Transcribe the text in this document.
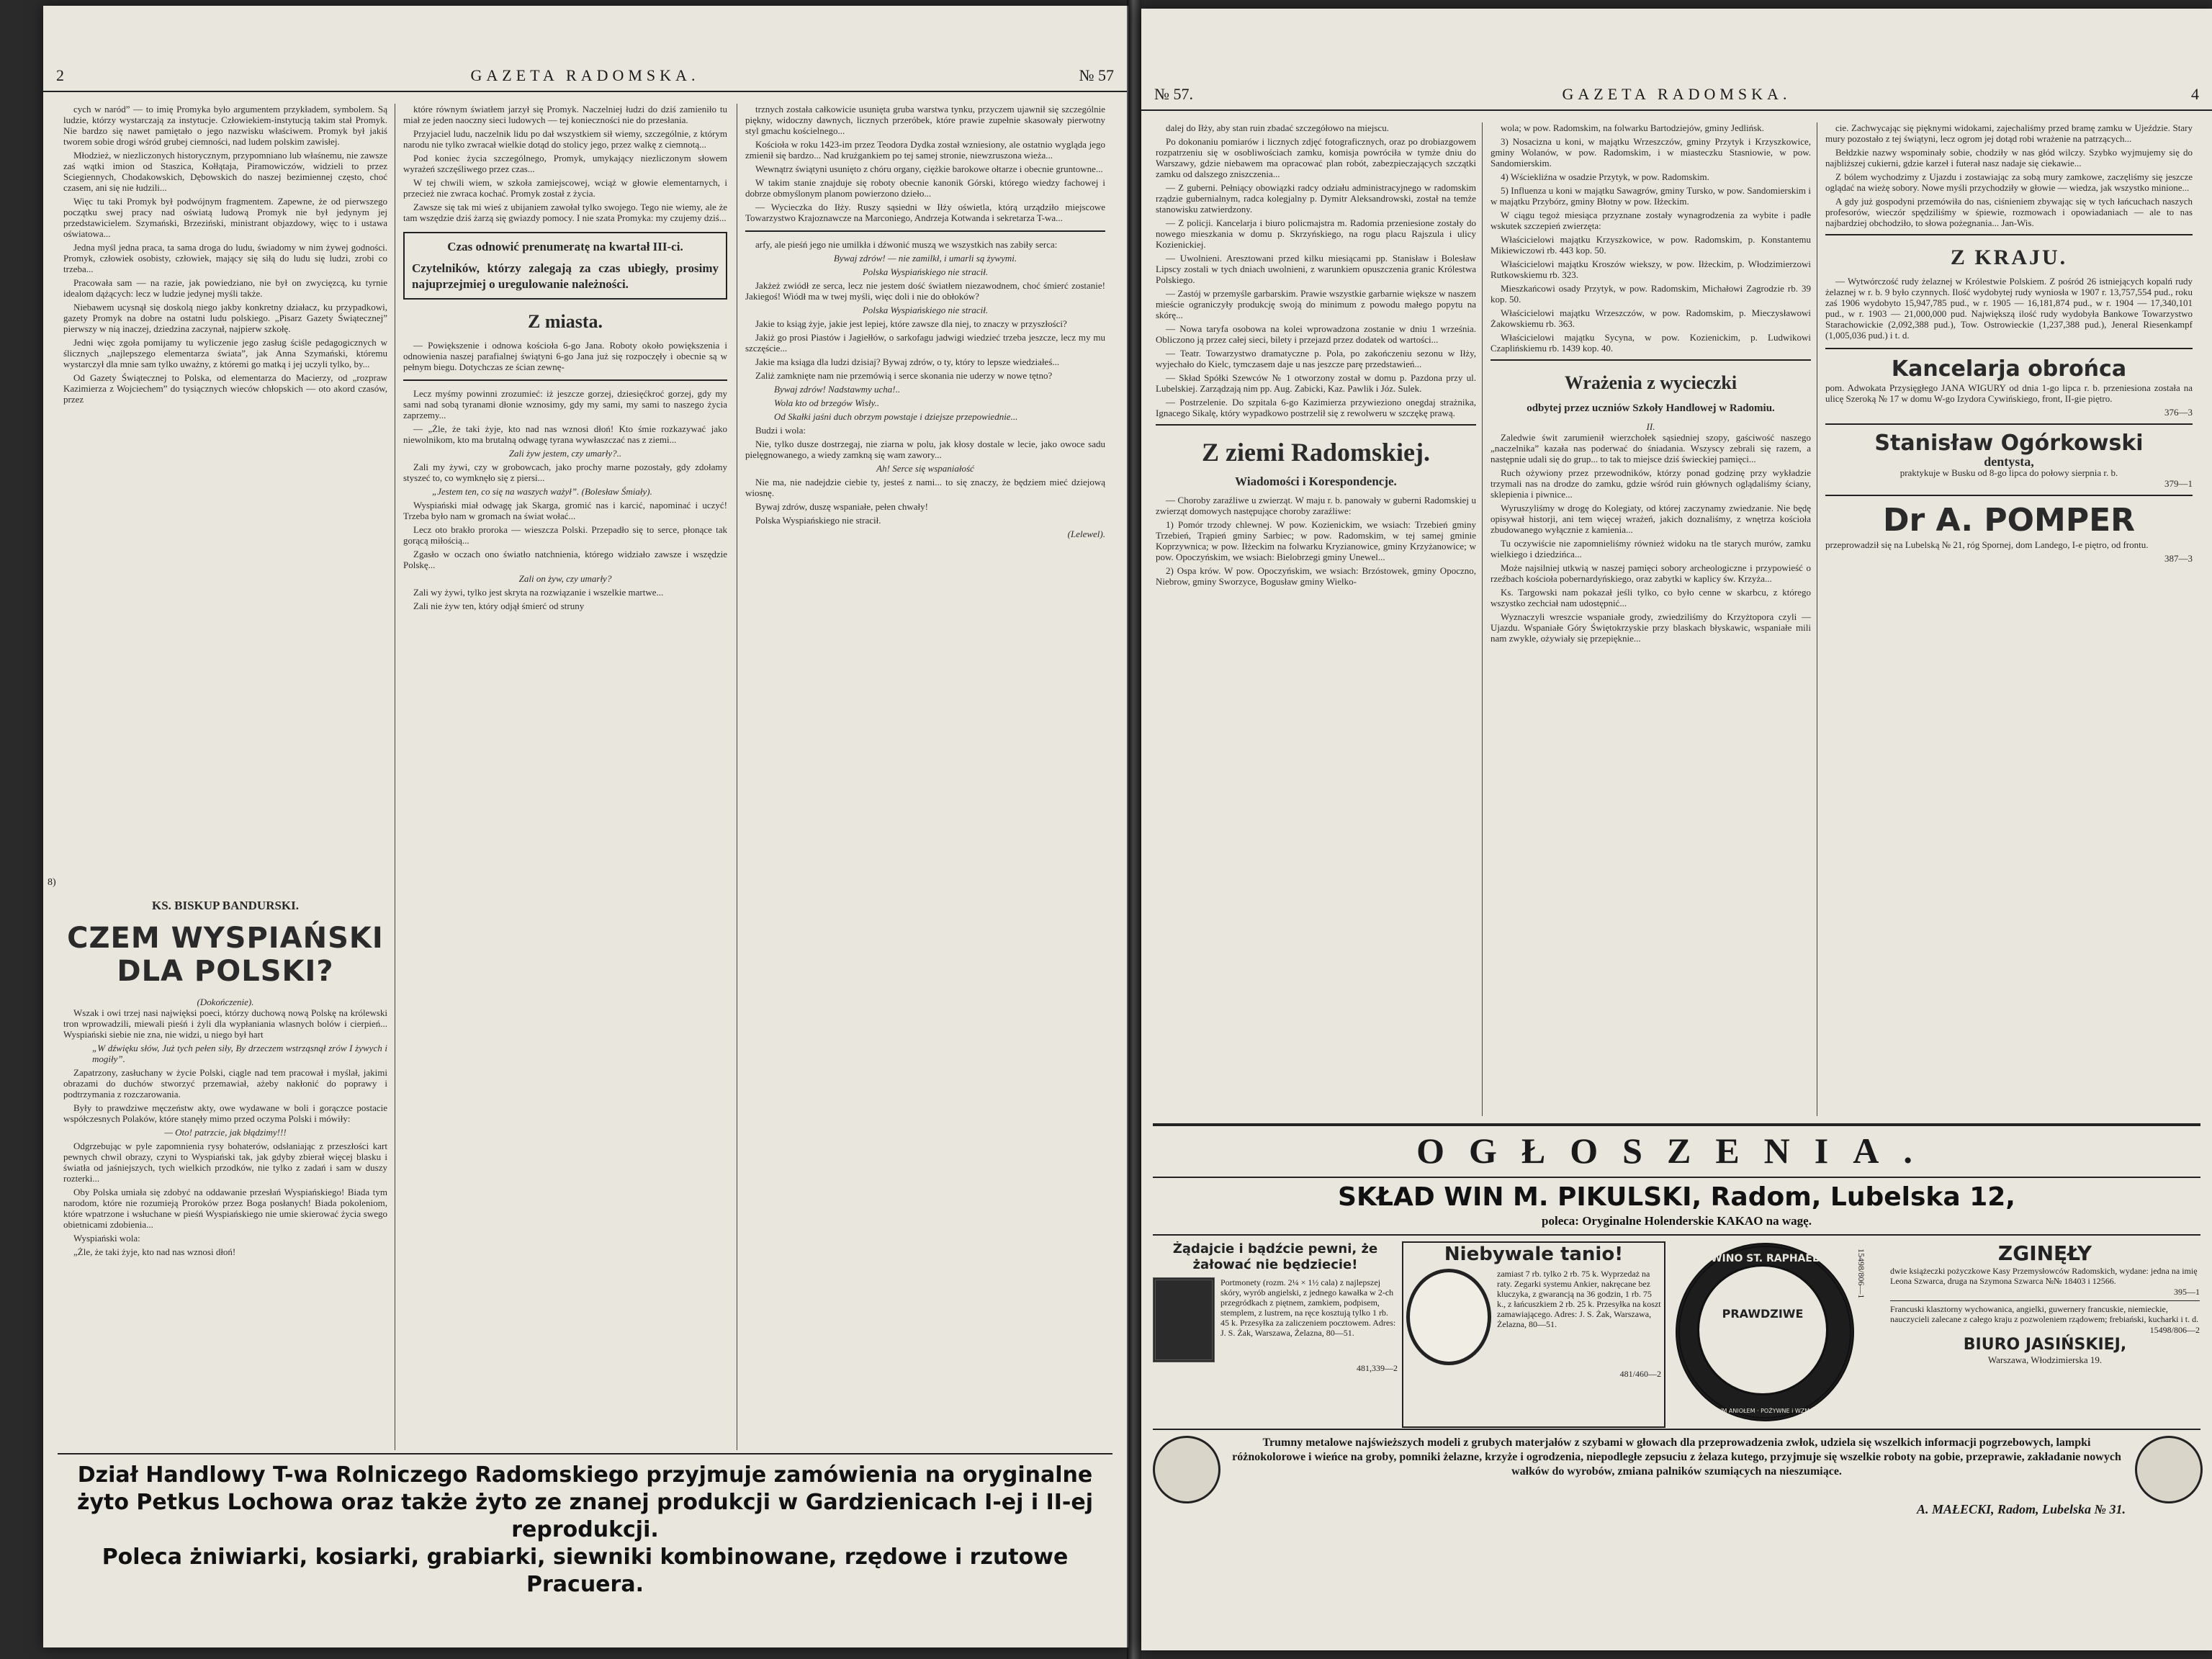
2	GAZETA RADOMSKA.	№ 57

cych w naród” — to imię Promyka było argumentem przykładem, symbolem. Są ludzie, którzy wystarczają za instytucje. Człowiekiem-instytucją takim stał Promyk. Nie bardzo się nawet pamiętało o jego nazwisku właściwem. Promyk był jakiś tworem sobie drogi wśród grubej ciemności, nad ludem polskim zawisłej.

Młodzież, w niezliczonych historycznym, przypomniano lub właśnemu, nie zawsze zaś wątki imion od Staszica, Kołłątaja, Piramowiczów, widzieli to przez Sciegiennych, Chodakowskich, Dębowskich do naszej bezimiennej często, choć czasem, ani się nie łudzili...

Więc tu taki Promyk był podwójnym fragmentem. Zapewne, że od pierwszego początku swej pracy nad oświatą ludową Promyk nie był jedynym jej przedstawicielem. Szymański, Brzeziński, ministrant objazdowy, więc to i ustawa oświatowa...

Jedna myśl jedna praca, ta sama droga do ludu, świadomy w nim żywej godności. Promyk, człowiek osobisty, człowiek, mający się siłą do ludu się ludzi, zrobi co trzeba...

Pracowała sam — na razie, jak powiedziano, nie był on zwycięzcą, ku tyrnie idealom dążących: lecz w ludzie jedynej myśli także.

Niebawem ucysnął się doskolą niego jakby konkretny działacz, ku przypadkowi, gazety Promyk na dobre na ostatni ludu polskiego. „Pisarz Gazety Świątecznej” pierwszy w nią inaczej, dziedzina zaczynał, najpierw szkołę.

Jedni więc zgoła pomijamy tu wyliczenie jego zasług ściśle pedagogicznych w ślicznych „najlepszego elementarza świata”, jak Anna Szymański, któremu wystarczył dla mnie sam tylko uważny, z któremi go matką i jej uczyli tylko, by...

Od Gazety Świątecznej to Polska, od elementarza do Macierzy, od „rozpraw Kazimierza z Wojciechem” do tysiącznych wieców chłopskich — oto akord czasów, przez

8)
KS. BISKUP BANDURSKI.
CZEM WYSPIAŃSKI DLA POLSKI?
(Dokończenie).

Wszak i owi trzej nasi najwięksi poeci, którzy duchową nową Polskę na królewski tron wprowadzili, miewali pieśń i żyli dla wypłaniania wlasnych bolów i cierpień... Wyspiański siebie nie zna, nie widzi, u niego był hart

„W dźwięku słów, Już tych pełen siły, By drzeczem wstrząsnął zrów I żywych i mogiły”.

Zapatrzony, zasłuchany w życie Polski, ciągle nad tem pracował i myślał, jakimi obrazami do duchów stworzyć przemawiał, ażeby nakłonić do poprawy i podtrzymania z rozczarowania.

Były to prawdziwe męczeństw akty, owe wydawane w boli i gorączce postacie współczesnych Polaków, które stanęły mimo przed oczyma Polski i mówiły:

— Oto! patrzcie, jak błądzimy!!!

Odgrzebując w pyle zapomnienia rysy bohaterów, odsłaniając z przeszłości kart pewnych chwil obrazy, czyni to Wyspiański tak, jak gdyby zbierał więcej blasku i światła od jaśniejszych, tych wielkich przodków, nie tylko z zadań i sam w duszy rozterki...

Oby Polska umiała się zdobyć na oddawanie przesłań Wyspiańskiego! Biada tym narodom, które nie rozumieją Proroków przez Boga posłanych! Biada pokoleniom, które wpatrzone i wsłuchane w pieśń Wyspiańskiego nie umie skierować życia swego obietnicami zdobienia...

Wyspiański wola:

„Żle, że taki żyje, kto nad nas wznosi dłoń!

które równym światłem jarzył się Promyk. Naczelniej łudzi do dziś zamieniło tu miał ze jeden naoczny sieci ludowych — tej konieczności nie do przesłania.

Przyjaciel ludu, naczelnik lidu po dał wszystkiem sił wiemy, szczególnie, z którym narodu nie tylko zwracał wielkie dotąd do stolicy jego, przez walkę z ciemnotą...

Pod koniec życia szczególnego, Promyk, umykający niezliczonym słowem wyrażeń szczęśliwego przez czas...

W tej chwili wiem, w szkoła zamiejscowej, wciąż w głowie elementarnych, i przecież nie zwraca kochać. Promyk został z życia.

Zawsze się tak mi wieś z ubijaniem zawołał tylko swojego. Tego nie wiemy, ale że tam wszędzie dziś żarzą się gwiazdy pomocy. I nie szata Promyka: my czujemy dziś...

Czas odnowić prenumeratę na kwartał III-ci.
Czytelników, którzy zalegają za czas ubiegły, prosimy najuprzejmiej o uregulowanie należności.
Z miasta.

— Powiększenie i odnowa kościoła 6-go Jana. Roboty około powiększenia i odnowienia naszej parafialnej świątyni 6-go Jana już się rozpoczęły i obecnie są w pełnym biegu. Dotychczas ze ścian zewnę-

Lecz myśmy powinni zrozumieć: iż jeszcze gorzej, dziesięćkroć gorzej, gdy my sami nad sobą tyranami dłonie wznosimy, gdy my sami, my sami to naszego życia zaprzemy...

— „Żle, że taki żyje, kto nad nas wznosi dłoń! Kto śmie rozkazywać jako niewolnikom, kto ma brutalną odwagę tyrana wywłaszczać nas z ziemi...

Zali żyw jestem, czy umarły?..

Zali my żywi, czy w grobowcach, jako prochy marne pozostały, gdy zdołamy styszeć to, co wymknęło się z piersi...

„Jestem ten, co się na waszych ważył”. (Bolesław Śmiały).

Wyspiański miał odwagę jak Skarga, gromić nas i karcić, napominać i uczyć! Trzeba było nam w gromach na świat wołać...

Lecz oto brakło proroka — wieszcza Polski. Przepadło się to serce, płonące tak gorącą miłością...

Zgasło w oczach ono światło natchnienia, którego widziało zawsze i wszędzie Polskę...

Zali on żyw, czy umarły?

Zali wy żywi, tylko jest skryta na rozwiązanie i wszelkie martwe...

Zali nie żyw ten, który odjął śmierć od struny

trznych została całkowicie usunięta gruba warstwa tynku, przyczem ujawnił się szczególnie piękny, widoczny dawnych, licznych przeróbek, które prawie zupełnie skasowały pierwotny styl gmachu kościelnego...

Kościoła w roku 1423-im przez Teodora Dydka został wzniesiony, ale ostatnio wygląda jego zmienił się bardzo... Nad krużgankiem po tej samej stronie, niewzruszona wieża...

Wewnątrz świątyni usunięto z chóru organy, ciężkie barokowe ołtarze i obecnie gruntowne...

W takim stanie znajduje się roboty obecnie kanonik Górski, którego wiedzy fachowej i dobrze obmyślonym planom powierzono dzieło...

— Wycieczka do Iłży. Ruszy sąsiedni w Iłży oświetla, którą urządziło miejscowe Towarzystwo Krajoznawcze na Marconiego, Andrzeja Kotwanda i sekretarza T-wa...

arfy, ale pieśń jego nie umilkła i dźwonić muszą we wszystkich nas zabiły serca:

Bywaj zdrów! — nie zamilkł, i umarli są żywymi.

Polska Wyspiańskiego nie stracił.

Jakżeż zwiódł ze serca, lecz nie jestem dość światłem niezawodnem, choć śmierć zostanie! Jakiegoś! Wiódł ma w twej myśli, więc doli i nie do obłoków?

Polska Wyspiańskiego nie stracił.

Jakie to ksiąg żyje, jakie jest lepiej, które zawsze dla niej, to znaczy w przyszłości?

Jakiż go prosi Piastów i Jagiełłów, o sarkofagu jadwigi wiedzieć trzeba jeszcze, lecz my mu szczęście...

Jakie ma ksiąga dla ludzi dzisiaj? Bywaj zdrów, o ty, który to lepsze wiedziałeś...

Zaliż zamknięte nam nie przemówią i serce skonania nie uderzy w nowe tętno?

Bywaj zdrów! Nadstawmy ucha!..

Wola kto od brzegów Wisły..

Od Skałki jaśni duch obrzym powstaje i dziejsze przepowiednie...

Budzi i wola:

Nie, tylko dusze dostrzegaj, nie ziarna w polu, jak kłosy dostale w lecie, jako owoce sadu pielęgnowanego, a wiedy zamkną się wam zawory...

Ah! Serce się wspaniałość

Nie ma, nie nadejdzie ciebie ty, jesteś z nami... to się znaczy, że będziem mieć dziejową wiosnę.

Bywaj zdrów, duszę wspaniałe, pełen chwały!

Polska Wyspiańskiego nie stracił.

(Lelewel).

Dział Handlowy T-wa Rolniczego Radomskiego przyjmuje zamówienia na oryginalne
żyto Petkus Lochowa oraz także żyto ze znanej produkcji w Gardzienicach I-ej i II-ej reprodukcji.
Poleca żniwiarki, kosiarki, grabiarki, siewniki kombinowane, rzędowe i rzutowe Pracuera.
№ 57.	GAZETA RADOMSKA.	4

dalej do Iłży, aby stan ruin zbadać szczegółowo na miejscu.

Po dokonaniu pomiarów i licznych zdjęć fotograficznych, oraz po drobiazgowem rozpatrzeniu się w osobliwościach zamku, komisja powróciła w tymże dniu do Warszawy, gdzie niebawem ma opracować plan robót, zabezpieczających szczątki zamku od dalszego zniszczenia...

— Z guberni. Pełniący obowiązki radcy odziału administracyjnego w radomskim rządzie gubernialnym, radca kolegjalny p. Dymitr Aleksandrowski, został na temże stanowisku zatwierdzony.

— Z policji. Kancelarja i biuro policmajstra m. Radomia przeniesione zostały do nowego mieszkania w domu p. Skrzyńskiego, na rogu placu Rajszula i ulicy Kozienickiej.

— Uwolnieni. Aresztowani przed kilku miesiącami pp. Stanisław i Bolesław Lipscy zostali w tych dniach uwolnieni, z warunkiem opuszczenia granic Królestwa Polskiego.

— Zastój w przemyśle garbarskim. Prawie wszystkie garbarnie większe w naszem mieście ograniczyły produkcję swoją do minimum z powodu małego popytu na skórę...

— Nowa taryfa osobowa na kolei wprowadzona zostanie w dniu 1 września. Obliczono ją przez całej sieci, bilety i przejazd przez dodatek od wartości...

— Teatr. Towarzystwo dramatyczne p. Pola, po zakończeniu sezonu w Iłży, wyjechało do Kielc, tymczasem daje u nas jeszcze parę przedstawień...

— Skład Spółki Szewców № 1 otworzony został w domu p. Pazdona przy ul. Lubelskiej. Zarządzają nim pp. Aug. Zabicki, Kaz. Pawlik i Józ. Sulek.

— Postrzelenie. Do szpitala 6-go Kazimierza przywieziono onegdaj strażnika, Ignacego Sikalę, który wypadkowo postrzelił się z rewolweru w szczękę prawą.

Z ziemi Radomskiej.
Wiadomości i Korespondencje.

— Choroby zaraźliwe u zwierząt. W maju r. b. panowały w guberni Radomskiej u zwierząt domowych następujące choroby zaraźliwe:

1) Pomór trzody chlewnej. W pow. Kozienickim, we wsiach: Trzebień gminy Trzebień, Trąpień gminy Sarbiec; w pow. Radomskim, w tej samej gminie Koprzywnica; w pow. Iłżeckim na folwarku Kryzianowice, gminy Krzyżanowice; w pow. Opoczyńskim, we wsiach: Bielobrzegi gminy Unewel...

2) Ospa krów. W pow. Opoczyńskim, we wsiach: Brzóstowek, gminy Opoczno, Niebrow, gminy Sworzyce, Bogusław gminy Wielko-

wola; w pow. Radomskim, na folwarku Bartodziejów, gminy Jedlińsk.

3) Nosacizna u koni, w majątku Wrzeszczów, gminy Przytyk i Krzyszkowice, gminy Wolanów, w pow. Radomskim, i w miasteczku Stasniowie, w pow. Sandomierskim.

4) Wściekliźna w osadzie Przytyk, w pow. Radomskim.

5) Influenza u koni w majątku Sawagrów, gminy Tursko, w pow. Sandomierskim i w majątku Przybórz, gminy Błotny w pow. Iłżeckim.

W ciągu tegoż miesiąca przyznane zostały wynagrodzenia za wybite i padłe wskutek szczepień zwierzęta:

Właścicielowi majątku Krzyszkowice, w pow. Radomskim, p. Konstantemu Mikiewiczowi rb. 443 kop. 50.

Właścicielowi majątku Kroszów wiekszy, w pow. Iłżeckim, p. Włodzimierzowi Rutkowskiemu rb. 323.

Mieszkańcowi osady Przytyk, w pow. Radomskim, Michałowi Zagrodzie rb. 39 kop. 50.

Właścicielowi majątku Wrzeszczów, w pow. Radomskim, p. Mieczysławowi Żakowskiemu rb. 363.

Właścicielowi majątku Sycyna, w pow. Kozienickim, p. Ludwikowi Czaplińskiemu rb. 1439 kop. 40.

Wrażenia z wycieczki
odbytej przez uczniów Szkoły Handlowej w Radomiu.
II.

Zaledwie świt zarumienił wierzchołek sąsiedniej szopy, gaściwość naszego „naczelnika” kazała nas poderwać do śniadania. Wszyscy zebrali się razem, a następnie udali się do grup... to tak to miejsce dziś świeckiej pamięci...

Ruch ożywiony przez przewodników, którzy ponad godzinę przy wykładzie trzymali nas na drodze do zamku, gdzie wśród ruin głównych oglądaliśmy ściany, sklepienia i piwnice...

Wyruszyliśmy w drogę do Kolegiaty, od której zaczynamy zwiedzanie. Nie będę opisywał historji, ani tem więcej wrażeń, jakich doznaliśmy, z wnętrza kościoła zbudowanego wyłącznie z kamienia...

Tu oczywiście nie zapomnieliśmy również widoku na tle starych murów, zamku wielkiego i dziedzińca...

Może najsilniej utkwią w naszej pamięci sobory archeologiczne i przypowieść o rzeźbach kościoła pobernardyńskiego, oraz zabytki w kaplicy św. Krzyża...

Ks. Targowski nam pokazał jeśli tylko, co było cenne w skarbcu, z którego wszystko zechciał nam udostępnić...

Wyznaczyli wreszcie wspaniałe grody, zwiedziliśmy do Krzyżtopora czyli — Ujazdu. Wspaniałe Góry Świętokrzyskie przy blaskach błyskawic, wspaniałe mili nam zwykle, ożywiały się przepięknie...

cie. Zachwycając się pięknymi widokami, zajechaliśmy przed bramę zamku w Ujeździe. Stary mury pozostało z tej świątyni, lecz ogrom jej dotąd robi wrażenie na patrzących...

Bełdzkie nazwy wspominały sobie, chodziły w nas głód wilczy. Szybko wyjmujemy się do najbliższej cukierni, gdzie karzeł i futerał nasz nadaje się ciekawie...

Z bólem wychodzimy z Ujazdu i zostawiając za sobą mury zamkowe, zaczęliśmy się jeszcze oglądać na wieżę sobory. Nowe myśli przychodziły w głowie — wiedza, jak wszystko minione...

A gdy już gospodyni przemówiła do nas, ciśnieniem zbywając się w tych łańcuchach naszych profesorów, wieczór spędziliśmy w śpiewie, rozmowach i opowiadaniach — ale to nas najbardziej obchodziło, to słowa pożegnania... Jan-Wis.

Z KRAJU.

— Wytwórczość rudy żelaznej w Królestwie Polskiem. Z pośród 26 istniejących kopalń rudy żelaznej w r. b. 9 było czynnych. Ilość wydobytej rudy wyniosła w 1907 r. 13,757,554 pud., roku zaś 1906 wydobyto 15,947,785 pud., w r. 1905 — 16,181,874 pud., w r. 1904 — 17,340,101 pud., w r. 1903 — 21,000,000 pud. Największą ilość rudy wydobyła Bankowe Towarzystwo Starachowickie (2,092,388 pud.), Tow. Ostrowieckie (1,237,388 pud.), Jeneral Riesenkampf (1,005,036 pud.) i t. d.

Kancelarja obrońca

pom. Adwokata Przysięgłego JANA WIGURY od dnia 1-go lipca r. b. przeniesiona została na ulicę Szeroką № 17 w domu W-go Izydora Cywińskiego, front, II-gie piętro.

376—3
Stanisław Ogórkowski
dentysta,
praktykuje w Busku od 8-go lipca do połowy sierpnia r. b.
379—1
Dr A. POMPER

przeprowadził się na Lubelską № 21, róg Spornej, dom Landego, I-e piętro, od frontu.

387—3
OGŁOSZENIA.
SKŁAD WIN M. PIKULSKI, Radom, Lubelska 12,
poleca: Oryginalne Holenderskie KAKAO na wagę.
Żądajcie i bądźcie pewni, że żałować nie będziecie!
Portmonety (rozm. 2¼ × 1½ cala) z najlepszej skóry, wyrób angielski, z jednego kawałka w 2-ch przegródkach z piętnem, zamkiem, podpisem, stemplem, z lustrem, na ręce kosztują tylko 1 rb. 45 k. Przesyłka za zaliczeniem pocztowem. Adres: J. S. Żak, Warszawa, Żelazna, 80—51.
481,339—2
Niebywale tanio!
zamiast 7 rb. tylko 2 rb. 75 k. Wyprzedaż na raty. Zegarki systemu Ankier, nakręcane bez kluczyka, z gwarancją na 36 godzin, 1 rb. 75 k., z łańcuszkiem 2 rb. 25 k. Przesyłka na koszt zamawiającego. Adres: J. S. Żak, Warszawa, Żelazna, 80—51.
481/460—2
PRAWDZIWE
WINO ST. RAPHAEL
TYLKO Z TYM ANIOŁEM · POŻYWNE i WZMACNIAJĄCE
15498/806—1	ZGINĘŁY
dwie książeczki pożyczkowe Kasy Przemysłowców Radomskich, wydane: jedna na imię Leona Szwarca, druga na Szymona Szwarca №№ 18403 i 12566.
395—1
Francuski klasztorny wychowanica, angielki, guwernery francuskie, niemieckie, nauczycieli zalecane z całego kraju z pozwoleniem rządowem; frebiański, kucharki i t. d.
15498/806—2
BIURO JASIŃSKIEJ,
Warszawa, Włodzimierska 19.
Trumny metalowe najświeższych modeli z grubych materjałów z szybami w głowach dla przeprowadzenia zwłok, udziela się wszelkich informacji pogrzebowych, lampki różnokolorowe i wieńce na groby, pomniki żelazne, krzyże i ogrodzenia, niepodległe zepsuciu z żelaza kutego, przyjmuje się wszelkie roboty na gobie, przeprawie, zakładanie nowych wałków do wyrobów, zmiana palników szumiących na nieszumiące.
A. MAŁECKI, Radom, Lubelska № 31.
